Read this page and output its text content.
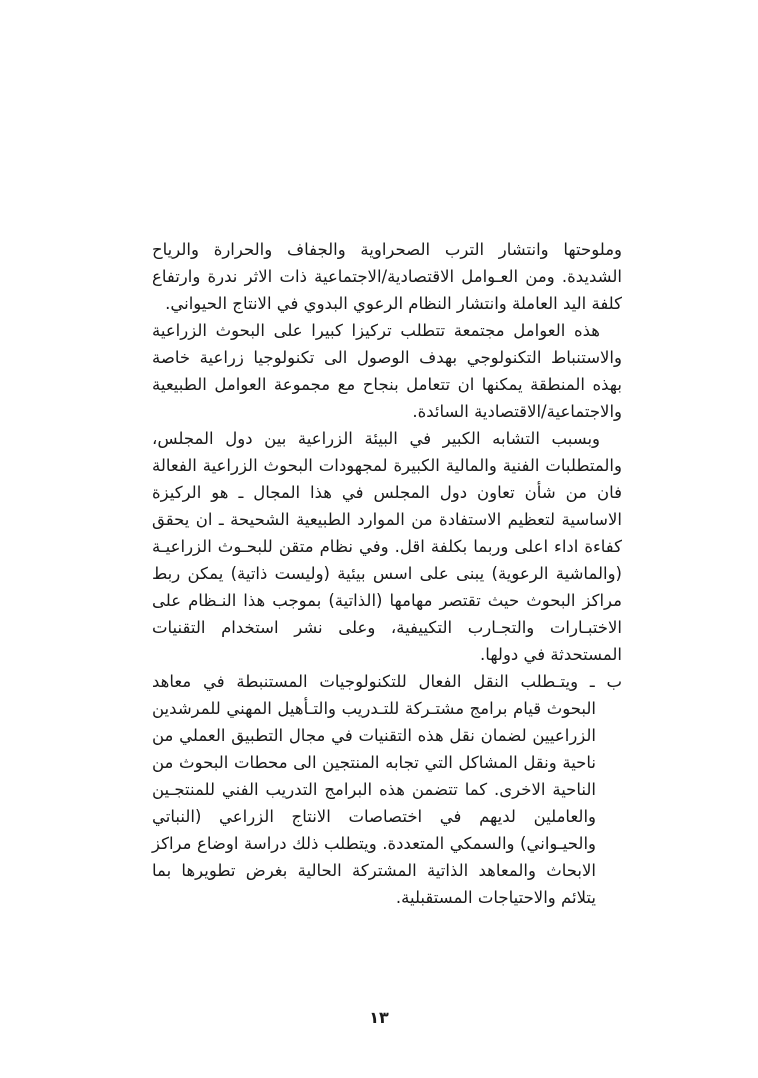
وملوحتها وانتشار الترب الصحراوية والجفاف والحرارة والرياح الشديدة. ومن العـوامل الاقتصادية/الاجتماعية ذات الاثر ندرة وارتفاع كلفة اليد العاملة وانتشار النظام الرعوي البدوي في الانتاج الحيواني.

هذه العوامل مجتمعة تتطلب تركيزا كبيرا على البحوث الزراعية والاستنباط التكنولوجي بهدف الوصول الى تكنولوجيا زراعية خاصة بهذه المنطقة يمكنها ان تتعامل بنجاح مع مجموعة العوامل الطبيعية والاجتماعية/الاقتصادية السائدة.

وبسبب التشابه الكبير في البيئة الزراعية بين دول المجلس، والمتطلبات الفنية والمالية الكبيرة لمجهودات البحوث الزراعية الفعالة فان من شأن تعاون دول المجلس في هذا المجال ـ هو الركيزة الاساسية لتعظيم الاستفادة من الموارد الطبيعية الشحيحة ـ ان يحقق كفاءة اداء اعلى وربما بكلفة اقل. وفي نظام متقن للبحـوث الزراعيـة (والماشية الرعوية) يبنى على اسس بيئية (وليست ذاتية) يمكن ربط مراكز البحوث حيث تقتصر مهامها (الذاتية) بموجب هذا النـظام على الاختبـارات والتجـارب التكييفية، وعلى نشر استخدام التقنيات المستحدثة في دولها.

ب ـ ويتـطلب النقل الفعال للتكنولوجيات المستنبطة في معاهد البحوث قيام برامج مشتـركة للتـدريب والتـأهيل المهني للمرشدين الزراعيين لضمان نقل هذه التقنيات في مجال التطبيق العملي من ناحية ونقل المشاكل التي تجابه المنتجين الى محطات البحوث من الناحية الاخرى. كما تتضمن هذه البرامج التدريب الفني للمنتجـين والعاملين لديهم في اختصاصات الانتاج الزراعي (النباتي والحيـواني) والسمكي المتعددة. ويتطلب ذلك دراسة اوضاع مراكز الابحاث والمعاهد الذاتية المشتركة الحالية بغرض تطويرها بما يتلائم والاحتياجات المستقبلية.

١٣
